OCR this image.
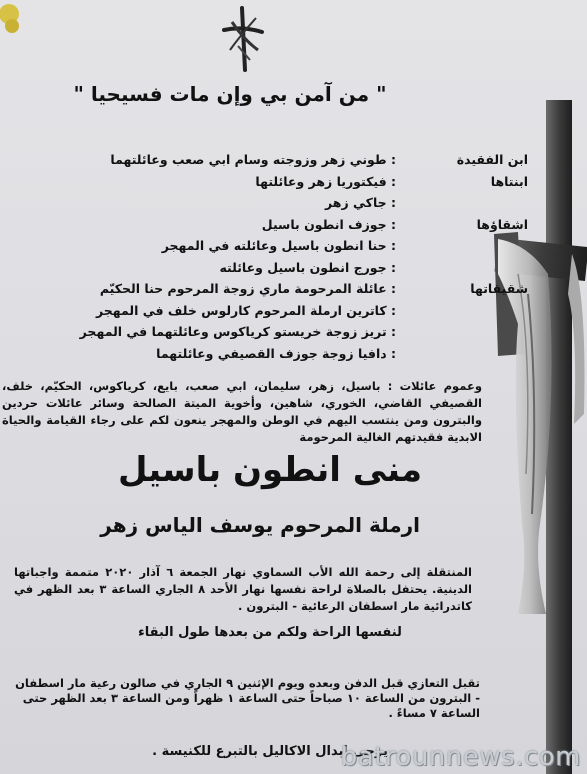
" من آمن بي وإن مات فسيحيا "
ابن الفقيدة
: طوني زهر وزوجته وسام ابي صعب وعائلتهما
ابنتاها
: فيكتوريا زهر وعائلتها
: جاكي زهر
اشقاؤها
: جوزف انطون باسيل
: حنا انطون باسيل وعائلته في المهجر
: جورج انطون باسيل وعائلته
شقيقاتها
: عائلة المرحومة ماري زوجة المرحوم حنا الحكيّم
: كاترين ارملة المرحوم كارلوس خلف في المهجر
: تريز زوجة خريستو كرياكوس وعائلتهما في المهجر
: دافيا زوجة جوزف القصيفي وعائلتهما
وعموم عائلات : باسيل، زهر، سليمان، ابي صعب، بايع، كرياكوس، الحكيّم، خلف، القصيفي القاضي، الخوري، شاهين، وأخوية الميتة الصالحة وسائر عائلات حردين والبترون ومن ينتسب اليهم في الوطن والمهجر ينعون لكم على رجاء القيامة والحياة الابدية فقيدتهم الغالية المرحومة
منى انطون باسيل
ارملة المرحوم يوسف الياس زهر
المنتقلة إلى رحمة الله الأب السماوي نهار الجمعة ٦ آذار ٢٠٢٠ متممة واجباتها الدينية. يحتفل بالصلاة لراحة نفسها نهار الأحد ٨ الجاري الساعة ٣ بعد الظهر في كاتدرائية مار اسطفان الرعائية - البترون .
لنفسها الراحة ولكم من بعدها طول البقاء
تقبل التعازي قبل الدفن وبعده ويوم الإثنين ٩ الجاري في صالون رعية مار اسطفان - البترون من الساعة ١٠ صباحاً حتى الساعة ١ ظهراً ومن الساعة ٣ بعد الظهر حتى الساعة ٧ مساءً .
يرجى ابدال الاكاليل بالتبرع للكنيسة .
batrounnews.com
